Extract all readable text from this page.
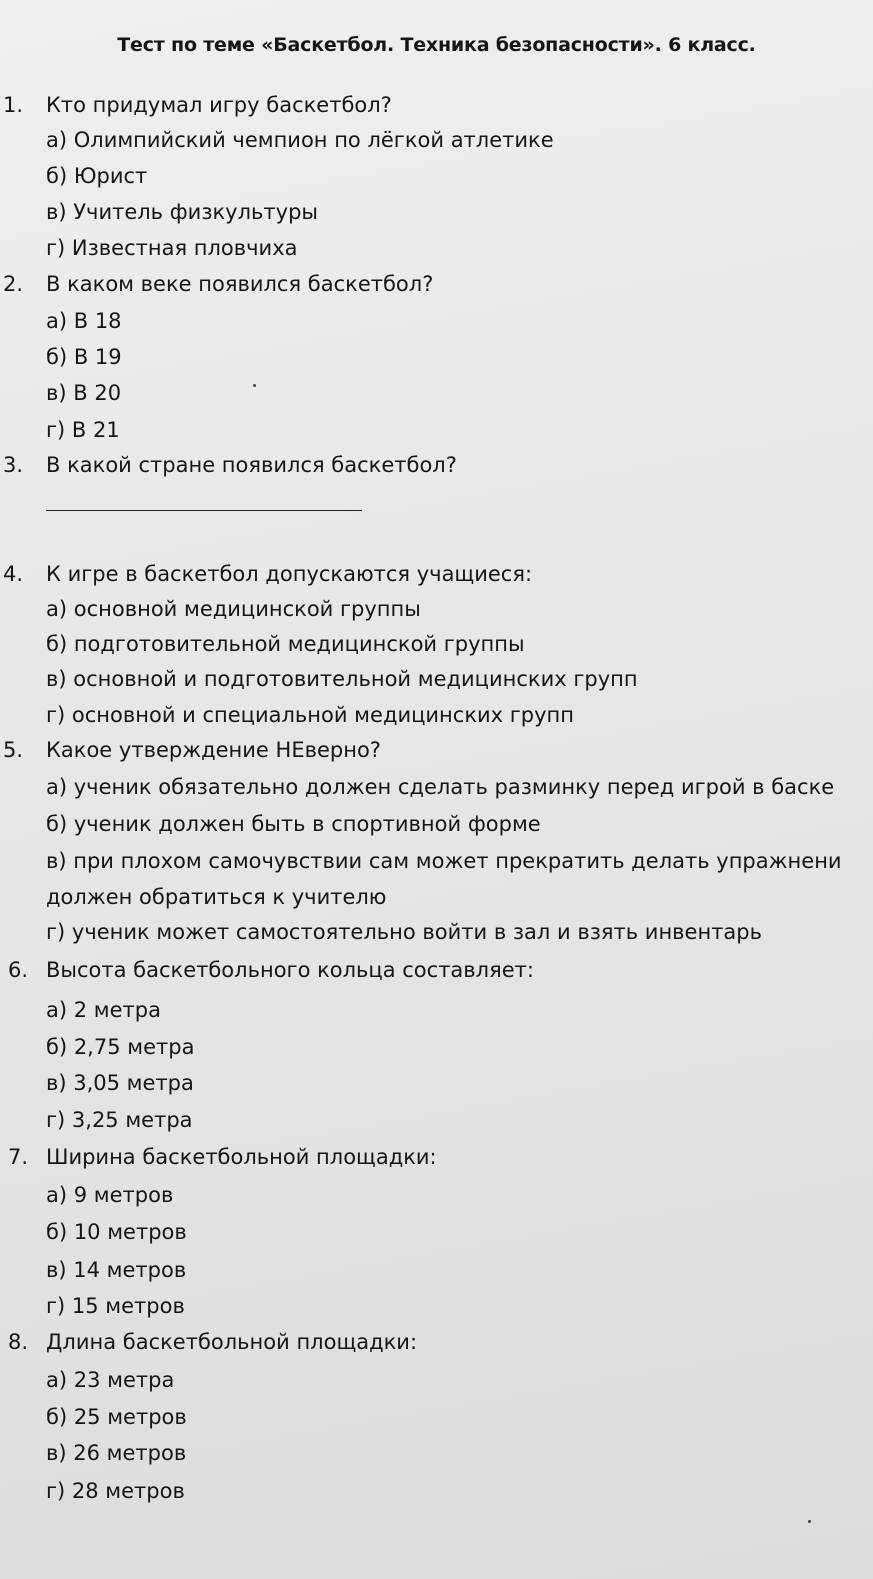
Тест по теме «Баскетбол. Техника безопасности». 6 класс.
1. Кто придумал игру баскетбол?
а) Олимпийский чемпион по лёгкой атлетике
б) Юрист
в) Учитель физкультуры
г) Известная пловчиха
2. В каком веке появился баскетбол?
а) В 18
б) В 19
в) В 20
г) В 21
3. В какой стране появился баскетбол?
4. К игре в баскетбол допускаются учащиеся:
а) основной медицинской группы
б) подготовительной медицинской группы
в) основной и подготовительной медицинских групп
г) основной и специальной медицинских групп
5. Какое утверждение НЕверно?
а) ученик обязательно должен сделать разминку перед игрой в баске
б) ученик должен быть в спортивной форме
в) при плохом самочувствии сам может прекратить делать упражнени
должен обратиться к учителю
г) ученик может самостоятельно войти в зал и взять инвентарь
6. Высота баскетбольного кольца составляет:
а) 2 метра
б) 2,75 метра
в) 3,05 метра
г) 3,25 метра
7. Ширина баскетбольной площадки:
а) 9 метров
б) 10 метров
в) 14 метров
г) 15 метров
8. Длина баскетбольной площадки:
а) 23 метра
б) 25 метров
в) 26 метров
г) 28 метров
